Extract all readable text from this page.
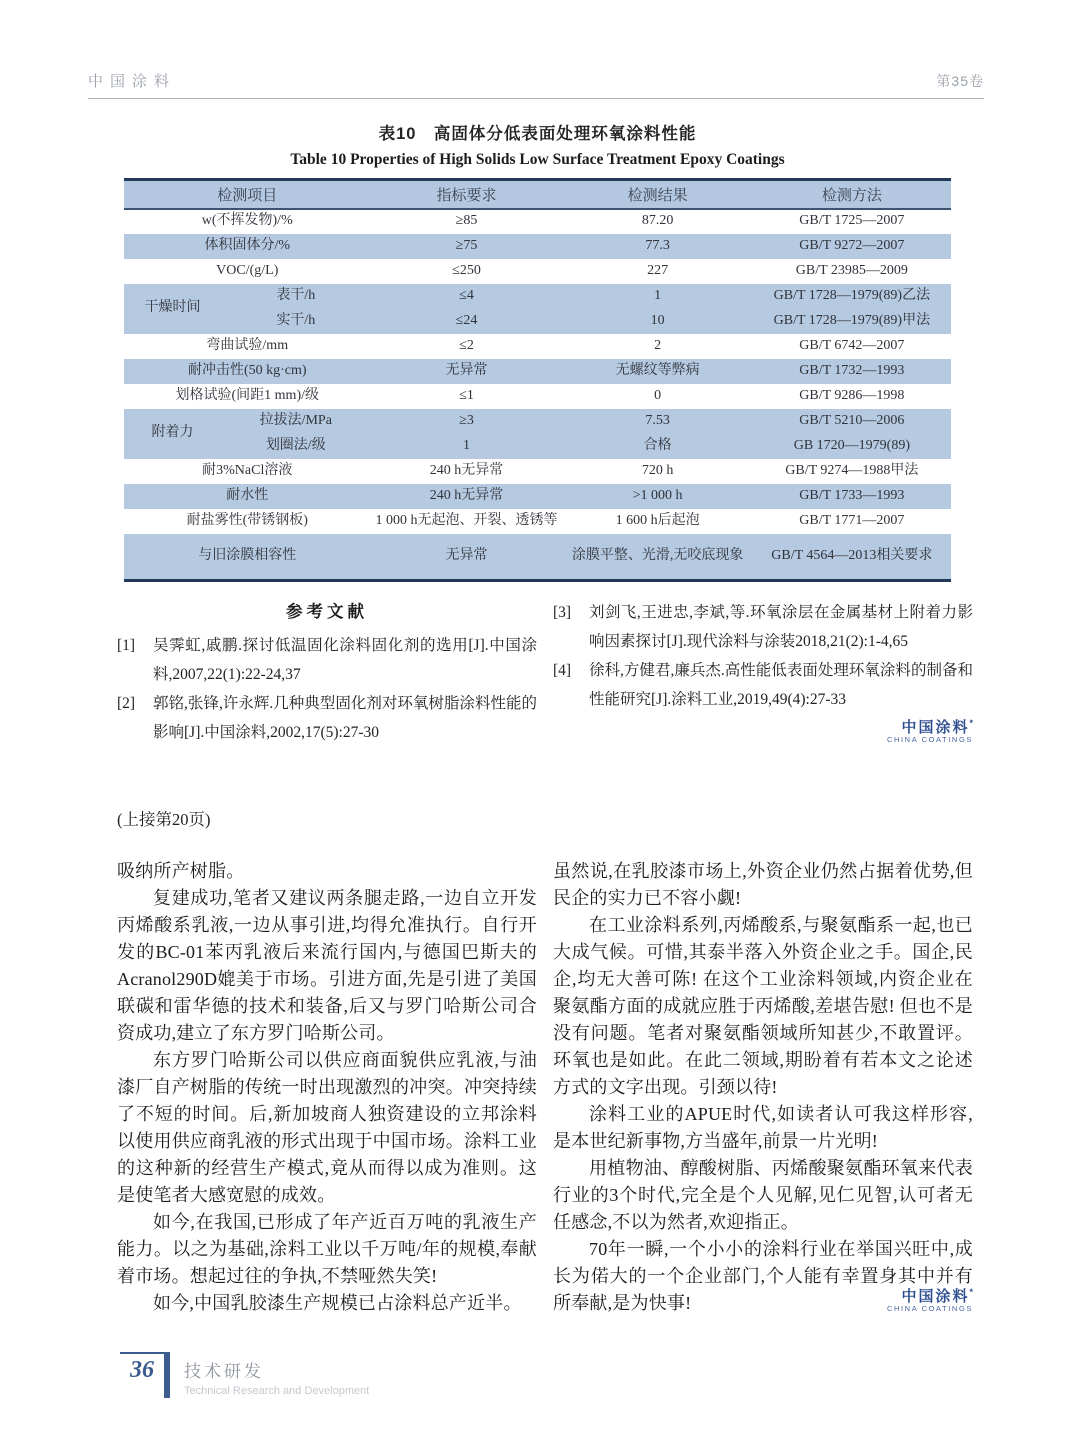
中国涂料	第35卷
表10　高固体分低表面处理环氧涂料性能
Table 10 Properties of High Solids Low Surface Treatment Epoxy Coatings
检测项目		指标要求	检测结果	检测方法
w(不挥发物)/%		≥85	87.20	GB/T 1725—2007
体积固体分/%		≥75	77.3	GB/T 9272—2007
VOC/(g/L)		≤250	227	GB/T 23985—2009
干燥时间	表干/h	≤4	1	GB/T 1728—1979(89)乙法
	实干/h	≤24	10	GB/T 1728—1979(89)甲法
弯曲试验/mm		≤2	2	GB/T 6742—2007
耐冲击性(50 kg·cm)		无异常	无螺纹等弊病	GB/T 1732—1993
划格试验(间距1 mm)/级		≤1	0	GB/T 9286—1998
附着力	拉拔法/MPa	≥3	7.53	GB/T 5210—2006
	划圈法/级	1	合格	GB 1720—1979(89)
耐3%NaCl溶液		240 h无异常	720 h	GB/T 9274—1988甲法
耐水性		240 h无异常	>1 000 h	GB/T 1733—1993
耐盐雾性(带锈钢板)		1 000 h无起泡、开裂、透锈等	1 600 h后起泡	GB/T 1771—2007
与旧涂膜相容性		无异常	涂膜平整、光滑,无咬底现象	GB/T 4564—2013相关要求
参考文献
[1]	吴霁虹,戚鹏.探讨低温固化涂料固化剂的选用[J].中国涂料,2007,22(1):22-24,37
[2]	郭铭,张锋,许永辉.几种典型固化剂对环氧树脂涂料性能的影响[J].中国涂料,2002,17(5):27-30
[3]	刘剑飞,王进忠,李斌,等.环氧涂层在金属基材上附着力影响因素探讨[J].现代涂料与涂装2018,21(2):1-4,65
[4]	徐科,方健君,廉兵杰.高性能低表面处理环氧涂料的制备和性能研究[J].涂料工业,2019,49(4):27-33
中国涂料*
CHINA COATINGS
(上接第20页)

吸纳所产树脂。

复建成功,笔者又建议两条腿走路,一边自立开发丙烯酸系乳液,一边从事引进,均得允准执行。自行开发的BC-01苯丙乳液后来流行国内,与德国巴斯夫的Acranol290D媲美于市场。引进方面,先是引进了美国联碳和雷华德的技术和装备,后又与罗门哈斯公司合资成功,建立了东方罗门哈斯公司。

东方罗门哈斯公司以供应商面貌供应乳液,与油漆厂自产树脂的传统一时出现激烈的冲突。冲突持续了不短的时间。后,新加坡商人独资建设的立邦涂料以使用供应商乳液的形式出现于中国市场。涂料工业的这种新的经营生产模式,竟从而得以成为准则。这是使笔者大感宽慰的成效。

如今,在我国,已形成了年产近百万吨的乳液生产能力。以之为基础,涂料工业以千万吨/年的规模,奉献着市场。想起过往的争执,不禁哑然失笑!

如今,中国乳胶漆生产规模已占涂料总产近半。

虽然说,在乳胶漆市场上,外资企业仍然占据着优势,但民企的实力已不容小觑!

在工业涂料系列,丙烯酸系,与聚氨酯系一起,也已大成气候。可惜,其泰半落入外资企业之手。国企,民企,均无大善可陈! 在这个工业涂料领域,内资企业在聚氨酯方面的成就应胜于丙烯酸,差堪告慰! 但也不是没有问题。笔者对聚氨酯领域所知甚少,不敢置评。环氧也是如此。在此二领域,期盼着有若本文之论述方式的文字出现。引颈以待!

涂料工业的APUE时代,如读者认可我这样形容,是本世纪新事物,方当盛年,前景一片光明!

用植物油、醇酸树脂、丙烯酸聚氨酯环氧来代表行业的3个时代,完全是个人见解,见仁见智,认可者无任感念,不以为然者,欢迎指正。

70年一瞬,一个小小的涂料行业在举国兴旺中,成长为偌大的一个企业部门,个人能有幸置身其中并有所奉献,是为快事!	中国涂料*
CHINA COATINGS
36	技术研发
Technical Research and Development
